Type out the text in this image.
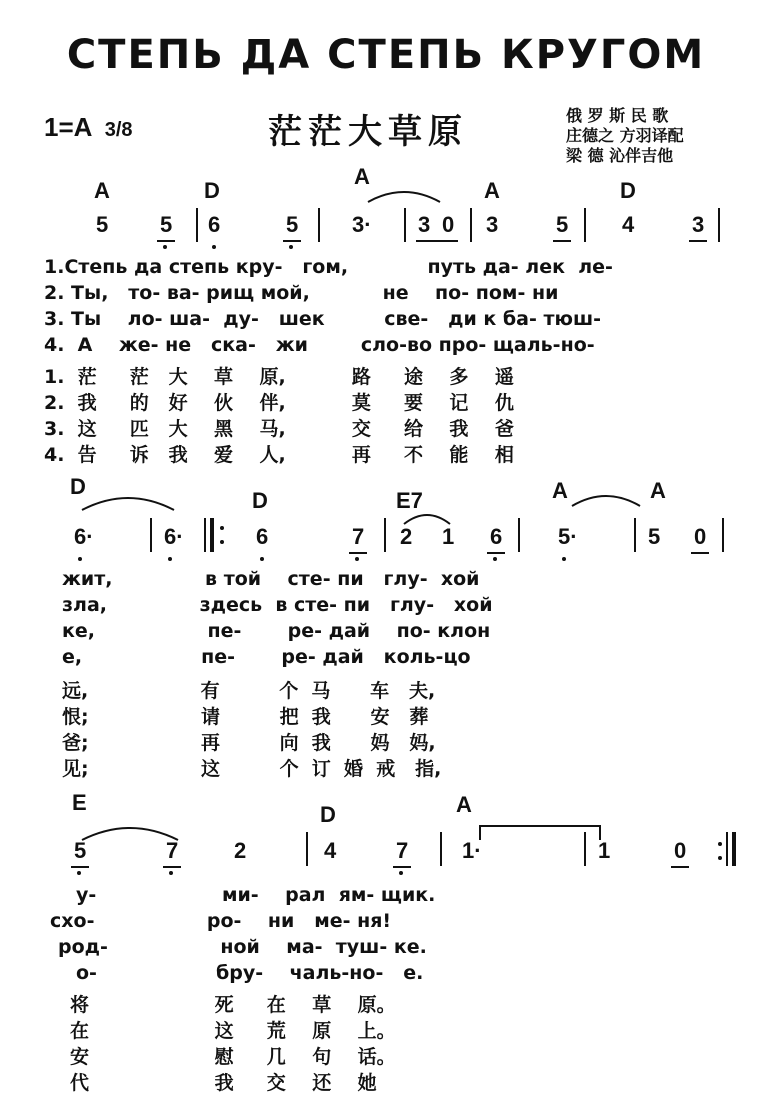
СТЕПЬ ДА СТЕПЬ КРУГОМ
1=A 3/8	茫茫大草原	俄 罗 斯 民 歌
庄德之 方羽译配
梁 德 沁伴吉他
A	D
A
A	D
5 5 6	5 3· 3 0 3	5 4	3
1.Степь да степь кру-   гом,            путь да- лек  ле-
2. Ты,   то- ва- рищ мой,           не    по- пом- ни
3. Ты    ло- ша-  ду-   шек         све-   ди к ба- тюш-
4.  А    же- не   ска-   жи        сло-во про- щаль-но-
1.  茫     茫   大    草    原,          路     途    多    遥
2.  我     的   好    伙    伴,          莫     要    记    仇
3.  这     匹   大    黑    马,          交     给    我    爸
4.  告     诉   我    爱    人,          再     不    能    相
D
D	E7	A	A
6·	6·	6	7 2 1 6	5·	5 0
жит,              в той    сте- пи   глу-  хой
зла,              здесь  в сте- пи   глу-   хой
ке,                 пе-       ре- дай    по- клон
е,                  пе-       ре- дай   коль-цо
远,                 有         个  马      车   夫,
恨;                 请         把  我      安   葬
爸;                 再         向  我      妈   妈,
见;                 这         个  订  婚  戒   指,
E	D	A
5	7	2	4	7 1·	1	0
у-                   ми-    рал  ям- щик.
схо-                 ро-    ни   ме- ня!
род-                 ной    ма-  туш- ке.
о-                  бру-    чаль-но-   е.
将                   死     在    草    原。
在                   这     荒    原    上。
安                   慰     几    句    话。
代                   我     交    还    她
